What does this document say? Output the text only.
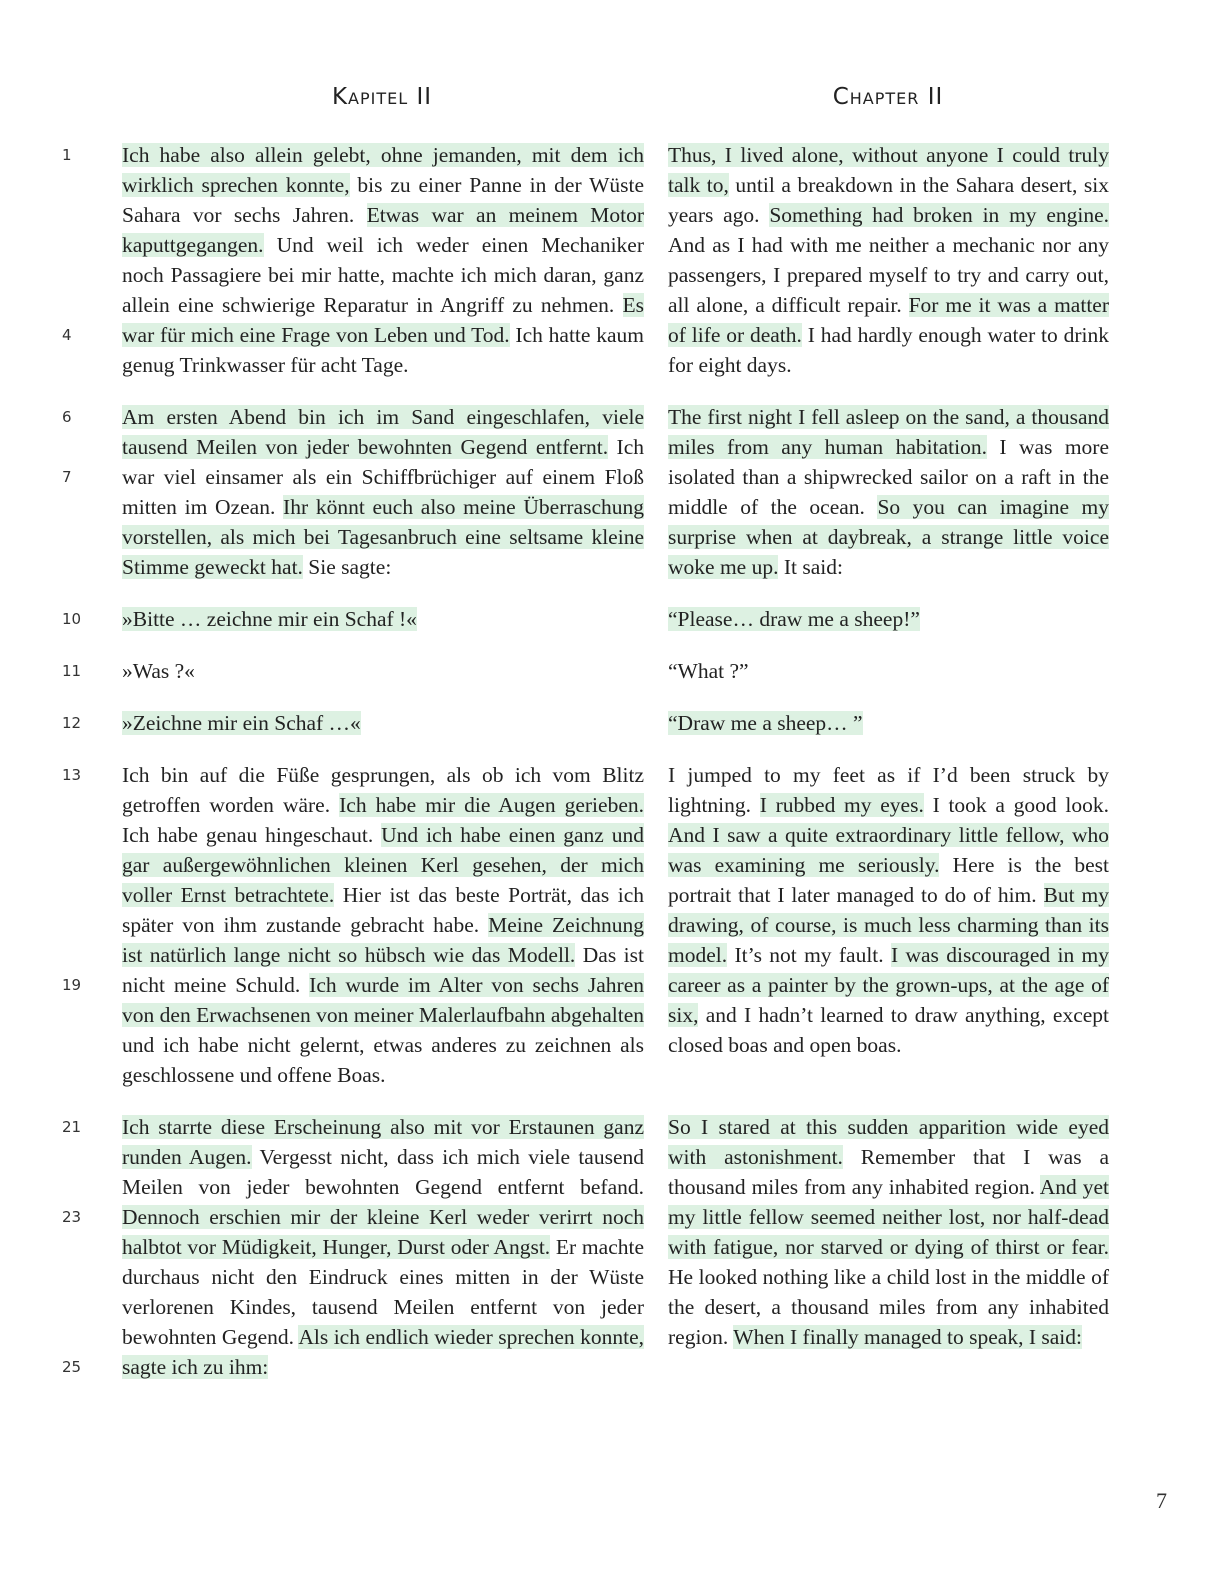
Kapitel II	Chapter II
1
4

Ich habe also allein gelebt, ohne jemanden, mit dem ich wirklich sprechen konnte, bis zu einer Panne in der Wüste Sahara vor sechs Jahren. Etwas war an meinem Motor kaputtgegangen. Und weil ich weder einen Mechaniker noch Passagiere bei mir hatte, machte ich mich daran, ganz allein eine schwierige Reparatur in Angriff zu nehmen. Es war für mich eine Frage von Leben und Tod. Ich hatte kaum genug Trinkwasser für acht Tage.

Thus, I lived alone, without anyone I could truly talk to, until a breakdown in the Sahara desert, six years ago. Something had broken in my engine. And as I had with me neither a mechanic nor any passengers, I prepared myself to try and carry out, all alone, a difficult repair. For me it was a matter of life or death. I had hardly enough water to drink for eight days.

6
7

Am ersten Abend bin ich im Sand eingeschlafen, viele tausend Meilen von jeder bewohnten Gegend entfernt. Ich war viel einsamer als ein Schiffbrüchiger auf einem Floß mitten im Ozean. Ihr könnt euch also meine Überraschung vorstellen, als mich bei Tagesanbruch eine seltsame kleine Stimme geweckt hat. Sie sagte:

The first night I fell asleep on the sand, a thousand miles from any human habitation. I was more isolated than a shipwrecked sailor on a raft in the middle of the ocean. So you can imagine my surprise when at daybreak, a strange little voice woke me up. It said:

10	»Bitte … zeichne mir ein Schaf !«	“Please… draw me a sheep!”

11	»Was ?«	“What ?”

12	»Zeichne mir ein Schaf …«	“Draw me a sheep… ”

13
19

Ich bin auf die Füße gesprungen, als ob ich vom Blitz getroffen worden wäre. Ich habe mir die Augen gerieben. Ich habe genau hingeschaut. Und ich habe einen ganz und gar außergewöhnlichen kleinen Kerl gesehen, der mich voller Ernst betrachtete. Hier ist das beste Porträt, das ich später von ihm zustande gebracht habe. Meine Zeichnung ist natürlich lange nicht so hübsch wie das Modell. Das ist nicht meine Schuld. Ich wurde im Alter von sechs Jahren von den Erwachsenen von meiner Malerlaufbahn abgehalten und ich habe nicht gelernt, etwas anderes zu zeichnen als geschlossene und offene Boas.

I jumped to my feet as if I’d been struck by lightning. I rubbed my eyes. I took a good look. And I saw a quite extraordinary little fellow, who was examining me seriously. Here is the best portrait that I later managed to do of him. But my drawing, of course, is much less charming than its model. It’s not my fault. I was discouraged in my career as a painter by the grown-ups, at the age of six, and I hadn’t learned to draw anything, except closed boas and open boas.

21
23
25

Ich starrte diese Erscheinung also mit vor Erstaunen ganz runden Augen. Vergesst nicht, dass ich mich viele tausend Meilen von jeder bewohnten Gegend entfernt befand. Dennoch erschien mir der kleine Kerl weder verirrt noch halbtot vor Müdigkeit, Hunger, Durst oder Angst. Er machte durchaus nicht den Eindruck eines mitten in der Wüste verlorenen Kindes, tausend Meilen entfernt von jeder bewohnten Gegend. Als ich endlich wieder sprechen konnte, sagte ich zu ihm:

So I stared at this sudden apparition wide eyed with astonishment. Remember that I was a thousand miles from any inhabited region. And yet my little fellow seemed neither lost, nor half-dead with fatigue, nor starved or dying of thirst or fear. He looked nothing like a child lost in the middle of the desert, a thousand miles from any inhabited region. When I finally managed to speak, I said:

7
